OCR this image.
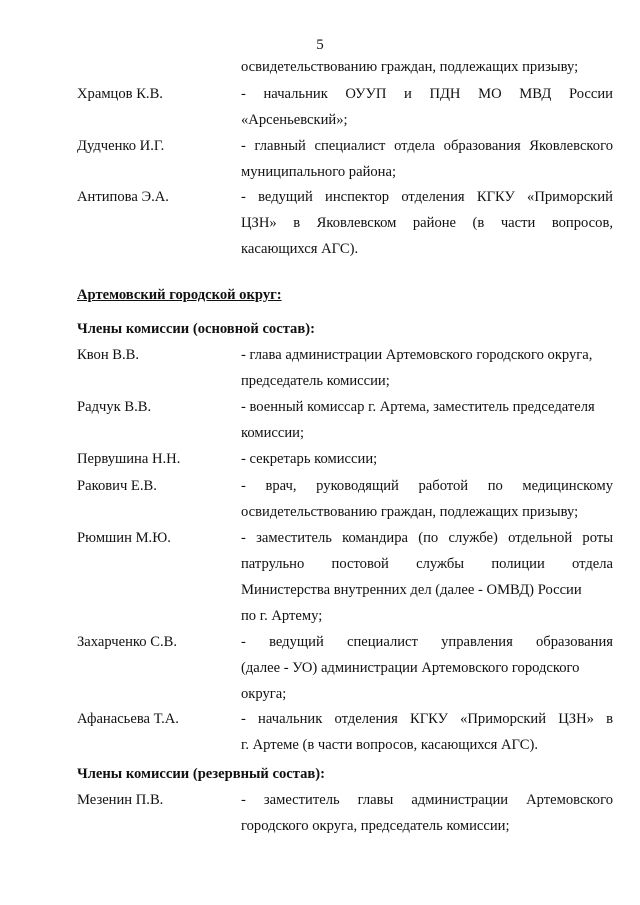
5
освидетельствованию граждан, подлежащих призыву;
Храмцов К.В.	- начальник ОУУП и ПДН МО МВД России
«Арсеньевский»;
Дудченко И.Г.	- главный специалист отдела образования Яковлевского
муниципального района;
Антипова Э.А.	- ведущий инспектор отделения КГКУ «Приморский
ЦЗН» в Яковлевском районе (в части вопросов,
касающихся АГС).
Артемовский городской округ:
Члены комиссии (основной состав):
Квон В.В.	- глава администрации Артемовского городского округа,
председатель комиссии;
Радчук В.В.	- военный комиссар г. Артема, заместитель председателя
комиссии;
Первушина Н.Н.	- секретарь комиссии;
Ракович Е.В.	- врач, руководящий работой по медицинскому
освидетельствованию граждан, подлежащих призыву;
Рюмшин М.Ю.	- заместитель командира (по службе) отдельной роты
патрульно постовой службы полиции отдела
Министерства внутренних дел (далее - ОМВД) России
по г. Артему;
Захарченко С.В.	- ведущий специалист управления образования
(далее - УО) администрации Артемовского городского
округа;
Афанасьева Т.А.	- начальник отделения КГКУ «Приморский ЦЗН» в
г. Артеме (в части вопросов, касающихся АГС).
Члены комиссии (резервный состав):
Мезенин П.В.	- заместитель главы администрации Артемовского
городского округа, председатель комиссии;
